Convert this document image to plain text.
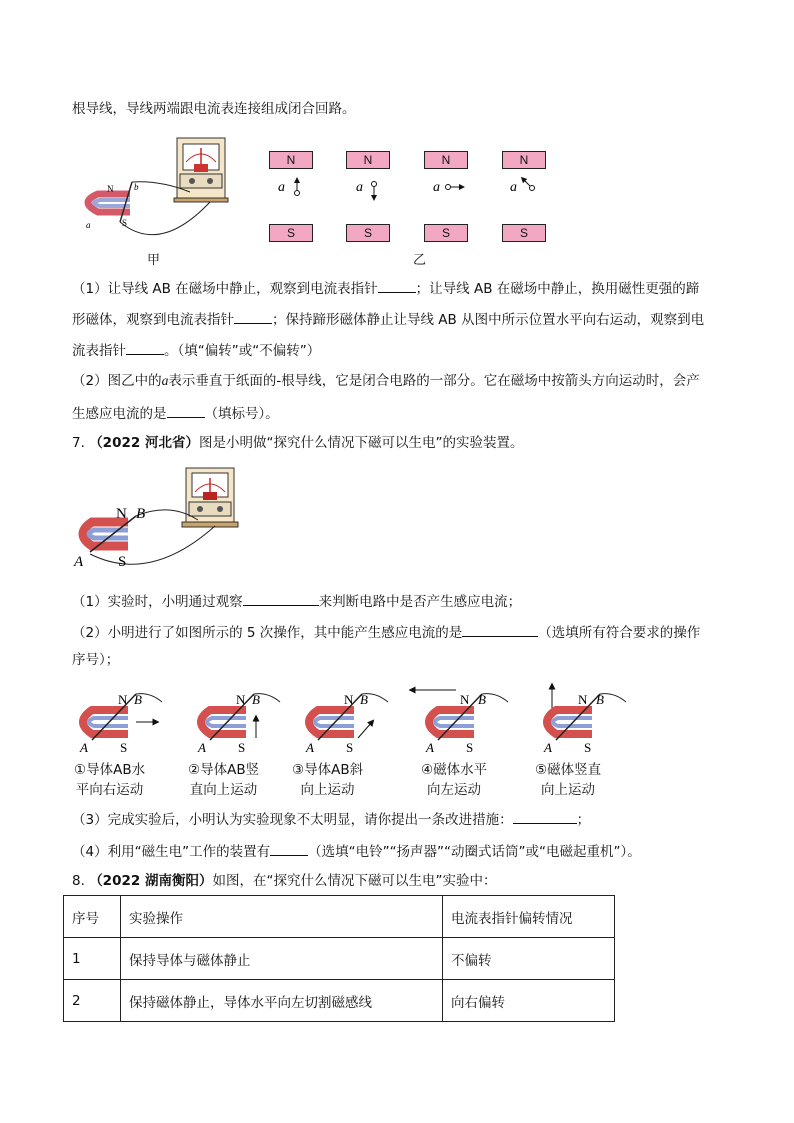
根导线，导线两端跟电流表连接组成闭合回路。
N
S
a
b
甲
N	N	N	N
S	S	S	S
a	a	a	a
乙
（1）让导线 AB 在磁场中静止，观察到电流表指针	；让导线 AB 在磁场中静止，换用磁性更强的蹄
形磁体，观察到电流表指针	；保持蹄形磁体静止让导线 AB 从图中所示位置水平向右运动，观察到电
流表指针	。（填“偏转”或“不偏转”）
（2）图乙中的a表示垂直于纸面的-根导线，它是闭合电路的一部分。它在磁场中按箭头方向运动时，会产
生感应电流的是	（填标号）。
7. （2022 河北省）图是小明做“探究什么情况下磁可以生电”的实验装置。
N B
A S
（1）实验时，小明通过观察	来判断电路中是否产生感应电流；
（2）小明进行了如图所示的 5 次操作，其中能产生感应电流的是	（选填所有符合要求的操作
序号）；
N B
A S
N B
A S
N B
A S
N B
A S
N B
A S
①导体AB水
平向右运动
②导体AB竖
直向上运动
③导体AB斜
向上运动
④磁体水平
向左运动
⑤磁体竖直
向上运动
（3）完成实验后，小明认为实验现象不太明显，请你提出一条改进措施：	；
（4）利用“磁生电”工作的装置有	（选填“电铃”“扬声器”“动圈式话筒”或“电磁起重机”）。
8. （2022 湖南衡阳）如图，在“探究什么情况下磁可以生电”实验中：
序号	实验操作	电流表指针偏转情况
1	保持导体与磁体静止	不偏转
2	保持磁体静止，导体水平向左切割磁感线	向右偏转
